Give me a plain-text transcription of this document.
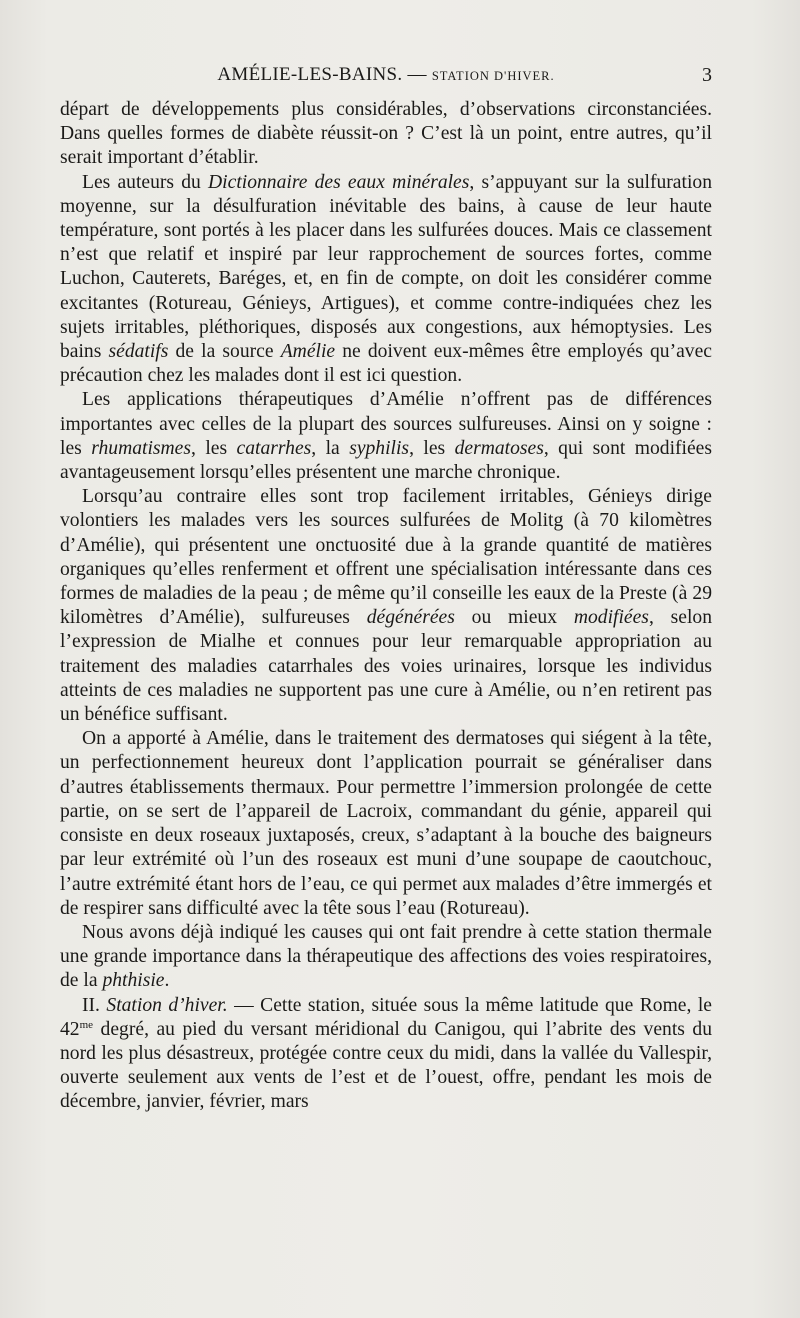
AMÉLIE-LES-BAINS. — STATION D'HIVER.	3

départ de développements plus considérables, d’observations circonstanciées. Dans quelles formes de diabète réussit-on ? C’est là un point, entre autres, qu’il serait important d’établir.

Les auteurs du Dictionnaire des eaux minérales, s’appuyant sur la sulfuration moyenne, sur la désulfuration inévitable des bains, à cause de leur haute température, sont portés à les placer dans les sulfurées douces. Mais ce classement n’est que relatif et inspiré par leur rapprochement de sources fortes, comme Luchon, Cauterets, Baréges, et, en fin de compte, on doit les considérer comme excitantes (Rotureau, Génieys, Artigues), et comme contre-indiquées chez les sujets irritables, pléthoriques, disposés aux congestions, aux hémoptysies. Les bains sédatifs de la source Amélie ne doivent eux-mêmes être employés qu’avec précaution chez les malades dont il est ici question.

Les applications thérapeutiques d’Amélie n’offrent pas de différences importantes avec celles de la plupart des sources sulfureuses. Ainsi on y soigne : les rhumatismes, les catarrhes, la syphilis, les dermatoses, qui sont modifiées avantageusement lorsqu’elles présentent une marche chronique.

Lorsqu’au contraire elles sont trop facilement irritables, Génieys dirige volontiers les malades vers les sources sulfurées de Molitg (à 70 kilomètres d’Amélie), qui présentent une onctuosité due à la grande quantité de matières organiques qu’elles renferment et offrent une spécialisation intéressante dans ces formes de maladies de la peau ; de même qu’il conseille les eaux de la Preste (à 29 kilomètres d’Amélie), sulfureuses dégénérées ou mieux modifiées, selon l’expression de Mialhe et connues pour leur remarquable appropriation au traitement des maladies catarrhales des voies urinaires, lorsque les individus atteints de ces maladies ne supportent pas une cure à Amélie, ou n’en retirent pas un bénéfice suffisant.

On a apporté à Amélie, dans le traitement des dermatoses qui siégent à la tête, un perfectionnement heureux dont l’application pourrait se généraliser dans d’autres établissements thermaux. Pour permettre l’immersion prolongée de cette partie, on se sert de l’appareil de Lacroix, commandant du génie, appareil qui consiste en deux roseaux juxtaposés, creux, s’adaptant à la bouche des baigneurs par leur extrémité où l’un des roseaux est muni d’une soupape de caoutchouc, l’autre extrémité étant hors de l’eau, ce qui permet aux malades d’être immergés et de respirer sans difficulté avec la tête sous l’eau (Rotureau).

Nous avons déjà indiqué les causes qui ont fait prendre à cette station thermale une grande importance dans la thérapeutique des affections des voies respiratoires, de la phthisie.

II. Station d’hiver. — Cette station, située sous la même latitude que Rome, le $42^{me}$ degré, au pied du versant méridional du Canigou, qui l’abrite des vents du nord les plus désastreux, protégée contre ceux du midi, dans la vallée du Vallespir, ouverte seulement aux vents de l’est et de l’ouest, offre, pendant les mois de décembre, janvier, février, mars
